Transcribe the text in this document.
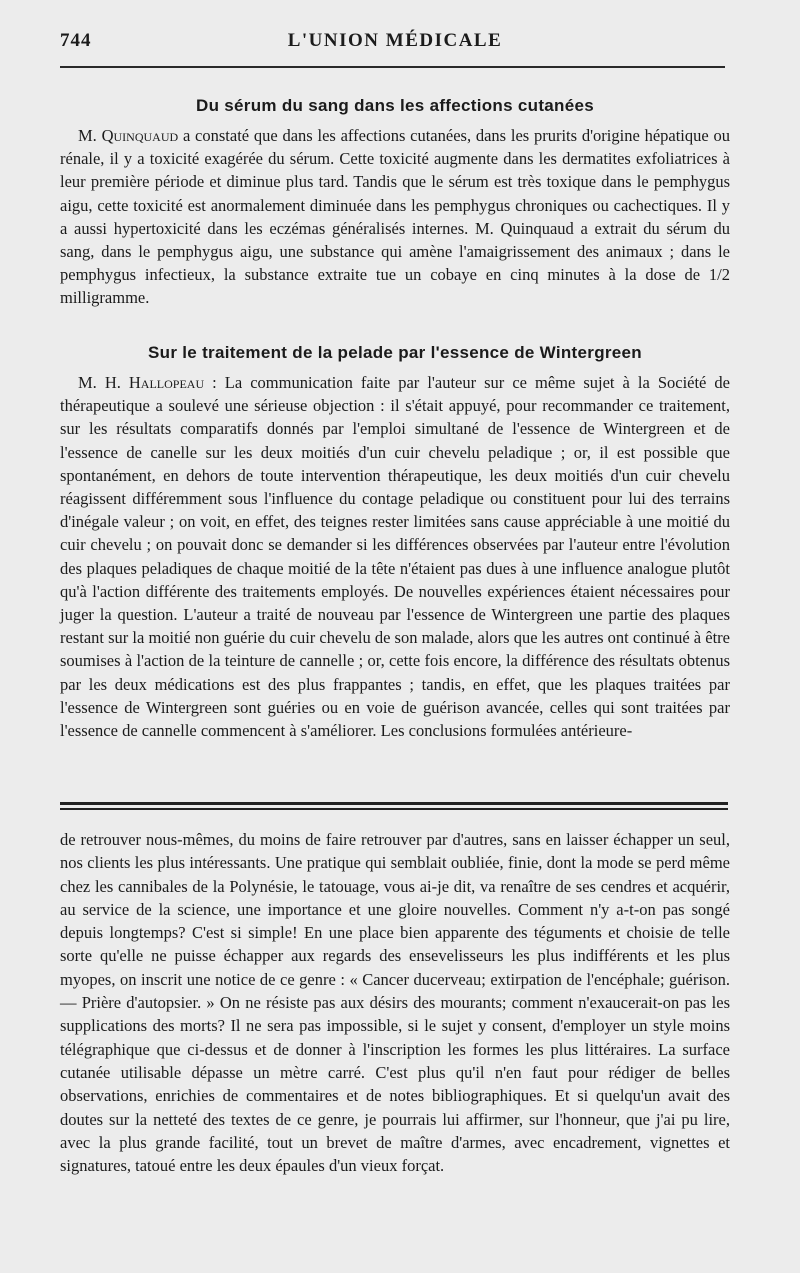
744	L'UNION MÉDICALE
Du sérum du sang dans les affections cutanées

M. Quinquaud a constaté que dans les affections cutanées, dans les prurits d'origine hépatique ou rénale, il y a toxicité exagérée du sérum. Cette toxicité augmente dans les dermatites exfoliatrices à leur première période et diminue plus tard. Tandis que le sérum est très toxique dans le pemphygus aigu, cette toxicité est anormalement diminuée dans les pemphygus chroniques ou cachectiques. Il y a aussi hypertoxicité dans les eczémas généralisés internes. M. Quinquaud a extrait du sérum du sang, dans le pemphygus aigu, une substance qui amène l'amaigrissement des animaux ; dans le pemphygus infectieux, la substance extraite tue un cobaye en cinq minutes à la dose de 1/2 milligramme.

Sur le traitement de la pelade par l'essence de Wintergreen

M. H. Hallopeau : La communication faite par l'auteur sur ce même sujet à la Société de thérapeutique a soulevé une sérieuse objection : il s'était appuyé, pour recommander ce traitement, sur les résultats comparatifs donnés par l'emploi simultané de l'essence de Wintergreen et de l'essence de canelle sur les deux moitiés d'un cuir chevelu peladique ; or, il est possible que spontanément, en dehors de toute intervention thérapeutique, les deux moitiés d'un cuir chevelu réagissent différemment sous l'influence du contage peladique ou constituent pour lui des terrains d'inégale valeur ; on voit, en effet, des teignes rester limitées sans cause appréciable à une moitié du cuir chevelu ; on pouvait donc se demander si les différences observées par l'auteur entre l'évolution des plaques peladiques de chaque moitié de la tête n'étaient pas dues à une influence analogue plutôt qu'à l'action différente des traitements employés. De nouvelles expériences étaient nécessaires pour juger la question. L'auteur a traité de nouveau par l'essence de Wintergreen une partie des plaques restant sur la moitié non guérie du cuir chevelu de son malade, alors que les autres ont continué à être soumises à l'action de la teinture de cannelle ; or, cette fois encore, la différence des résultats obtenus par les deux médications est des plus frappantes ; tandis, en effet, que les plaques traitées par l'essence de Wintergreen sont guéries ou en voie de guérison avancée, celles qui sont traitées par l'essence de cannelle commencent à s'améliorer. Les conclusions formulées antérieure-

de retrouver nous-mêmes, du moins de faire retrouver par d'autres, sans en laisser échapper un seul, nos clients les plus intéressants. Une pratique qui semblait oubliée, finie, dont la mode se perd même chez les cannibales de la Polynésie, le tatouage, vous ai-je dit, va renaître de ses cendres et acquérir, au service de la science, une importance et une gloire nouvelles. Comment n'y a-t-on pas songé depuis longtemps? C'est si simple! En une place bien apparente des téguments et choisie de telle sorte qu'elle ne puisse échapper aux regards des ensevelisseurs les plus indifférents et les plus myopes, on inscrit une notice de ce genre : « Cancer ducerveau; extirpation de l'encéphale; guérison. — Prière d'autopsier. » On ne résiste pas aux désirs des mourants; comment n'exaucerait-on pas les supplications des morts? Il ne sera pas impossible, si le sujet y consent, d'employer un style moins télégraphique que ci-dessus et de donner à l'inscription les formes les plus littéraires. La surface cutanée utilisable dépasse un mètre carré. C'est plus qu'il n'en faut pour rédiger de belles observations, enrichies de commentaires et de notes bibliographiques. Et si quelqu'un avait des doutes sur la netteté des textes de ce genre, je pourrais lui affirmer, sur l'honneur, que j'ai pu lire, avec la plus grande facilité, tout un brevet de maître d'armes, avec encadrement, vignettes et signatures, tatoué entre les deux épaules d'un vieux forçat.
